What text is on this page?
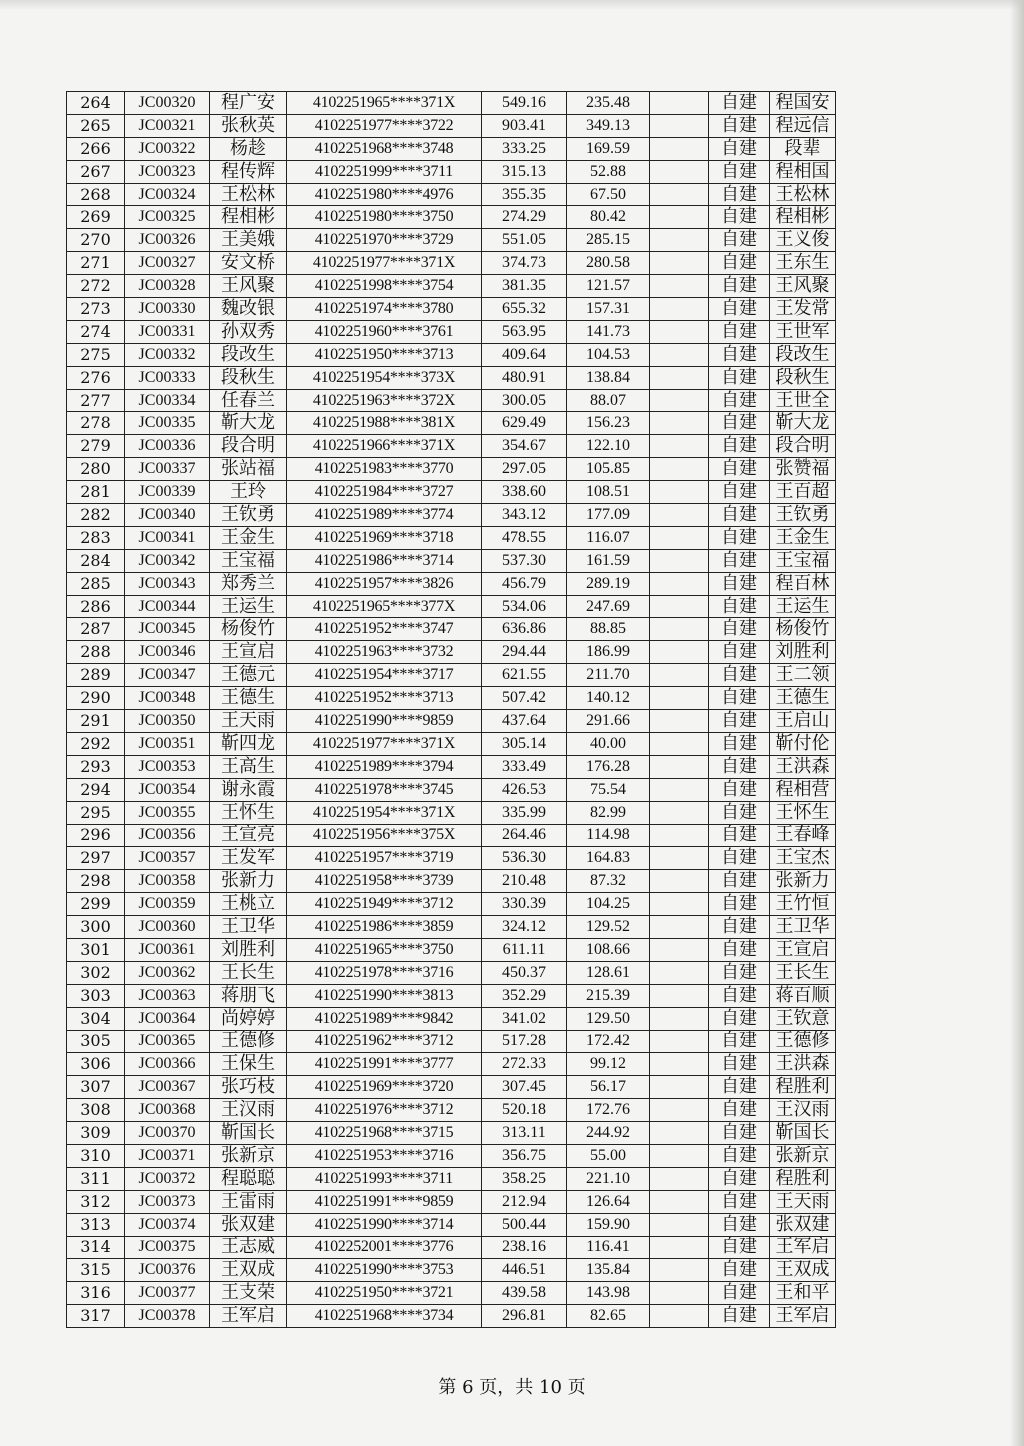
264	JC00320	程广安	4102251965****371X	549.16	235.48		自建	程国安
265	JC00321	张秋英	4102251977****3722	903.41	349.13		自建	程远信
266	JC00322	杨趁	4102251968****3748	333.25	169.59		自建	段辈
267	JC00323	程传辉	4102251999****3711	315.13	52.88		自建	程相国
268	JC00324	王松林	4102251980****4976	355.35	67.50		自建	王松林
269	JC00325	程相彬	4102251980****3750	274.29	80.42		自建	程相彬
270	JC00326	王美娥	4102251970****3729	551.05	285.15		自建	王义俊
271	JC00327	安文桥	4102251977****371X	374.73	280.58		自建	王东生
272	JC00328	王风聚	4102251998****3754	381.35	121.57		自建	王风聚
273	JC00330	魏改银	4102251974****3780	655.32	157.31		自建	王发常
274	JC00331	孙双秀	4102251960****3761	563.95	141.73		自建	王世军
275	JC00332	段改生	4102251950****3713	409.64	104.53		自建	段改生
276	JC00333	段秋生	4102251954****373X	480.91	138.84		自建	段秋生
277	JC00334	任春兰	4102251963****372X	300.05	88.07		自建	王世全
278	JC00335	靳大龙	4102251988****381X	629.49	156.23		自建	靳大龙
279	JC00336	段合明	4102251966****371X	354.67	122.10		自建	段合明
280	JC00337	张站福	4102251983****3770	297.05	105.85		自建	张赞福
281	JC00339	王玲	4102251984****3727	338.60	108.51		自建	王百超
282	JC00340	王钦勇	4102251989****3774	343.12	177.09		自建	王钦勇
283	JC00341	王金生	4102251969****3718	478.55	116.07		自建	王金生
284	JC00342	王宝福	4102251986****3714	537.30	161.59		自建	王宝福
285	JC00343	郑秀兰	4102251957****3826	456.79	289.19		自建	程百林
286	JC00344	王运生	4102251965****377X	534.06	247.69		自建	王运生
287	JC00345	杨俊竹	4102251952****3747	636.86	88.85		自建	杨俊竹
288	JC00346	王宣启	4102251963****3732	294.44	186.99		自建	刘胜利
289	JC00347	王德元	4102251954****3717	621.55	211.70		自建	王二领
290	JC00348	王德生	4102251952****3713	507.42	140.12		自建	王德生
291	JC00350	王天雨	4102251990****9859	437.64	291.66		自建	王启山
292	JC00351	靳四龙	4102251977****371X	305.14	40.00		自建	靳付伦
293	JC00353	王高生	4102251989****3794	333.49	176.28		自建	王洪森
294	JC00354	谢永霞	4102251978****3745	426.53	75.54		自建	程相营
295	JC00355	王怀生	4102251954****371X	335.99	82.99		自建	王怀生
296	JC00356	王宣亮	4102251956****375X	264.46	114.98		自建	王春峰
297	JC00357	王发军	4102251957****3719	536.30	164.83		自建	王宝杰
298	JC00358	张新力	4102251958****3739	210.48	87.32		自建	张新力
299	JC00359	王桃立	4102251949****3712	330.39	104.25		自建	王竹恒
300	JC00360	王卫华	4102251986****3859	324.12	129.52		自建	王卫华
301	JC00361	刘胜利	4102251965****3750	611.11	108.66		自建	王宣启
302	JC00362	王长生	4102251978****3716	450.37	128.61		自建	王长生
303	JC00363	蒋朋飞	4102251990****3813	352.29	215.39		自建	蒋百顺
304	JC00364	尚婷婷	4102251989****9842	341.02	129.50		自建	王钦意
305	JC00365	王德修	4102251962****3712	517.28	172.42		自建	王德修
306	JC00366	王保生	4102251991****3777	272.33	99.12		自建	王洪森
307	JC00367	张巧枝	4102251969****3720	307.45	56.17		自建	程胜利
308	JC00368	王汉雨	4102251976****3712	520.18	172.76		自建	王汉雨
309	JC00370	靳国长	4102251968****3715	313.11	244.92		自建	靳国长
310	JC00371	张新京	4102251953****3716	356.75	55.00		自建	张新京
311	JC00372	程聪聪	4102251993****3711	358.25	221.10		自建	程胜利
312	JC00373	王雷雨	4102251991****9859	212.94	126.64		自建	王天雨
313	JC00374	张双建	4102251990****3714	500.44	159.90		自建	张双建
314	JC00375	王志威	4102252001****3776	238.16	116.41		自建	王军启
315	JC00376	王双成	4102251990****3753	446.51	135.84		自建	王双成
316	JC00377	王支荣	4102251950****3721	439.58	143.98		自建	王和平
317	JC00378	王军启	4102251968****3734	296.81	82.65		自建	王军启
第 6 页，共 10 页
